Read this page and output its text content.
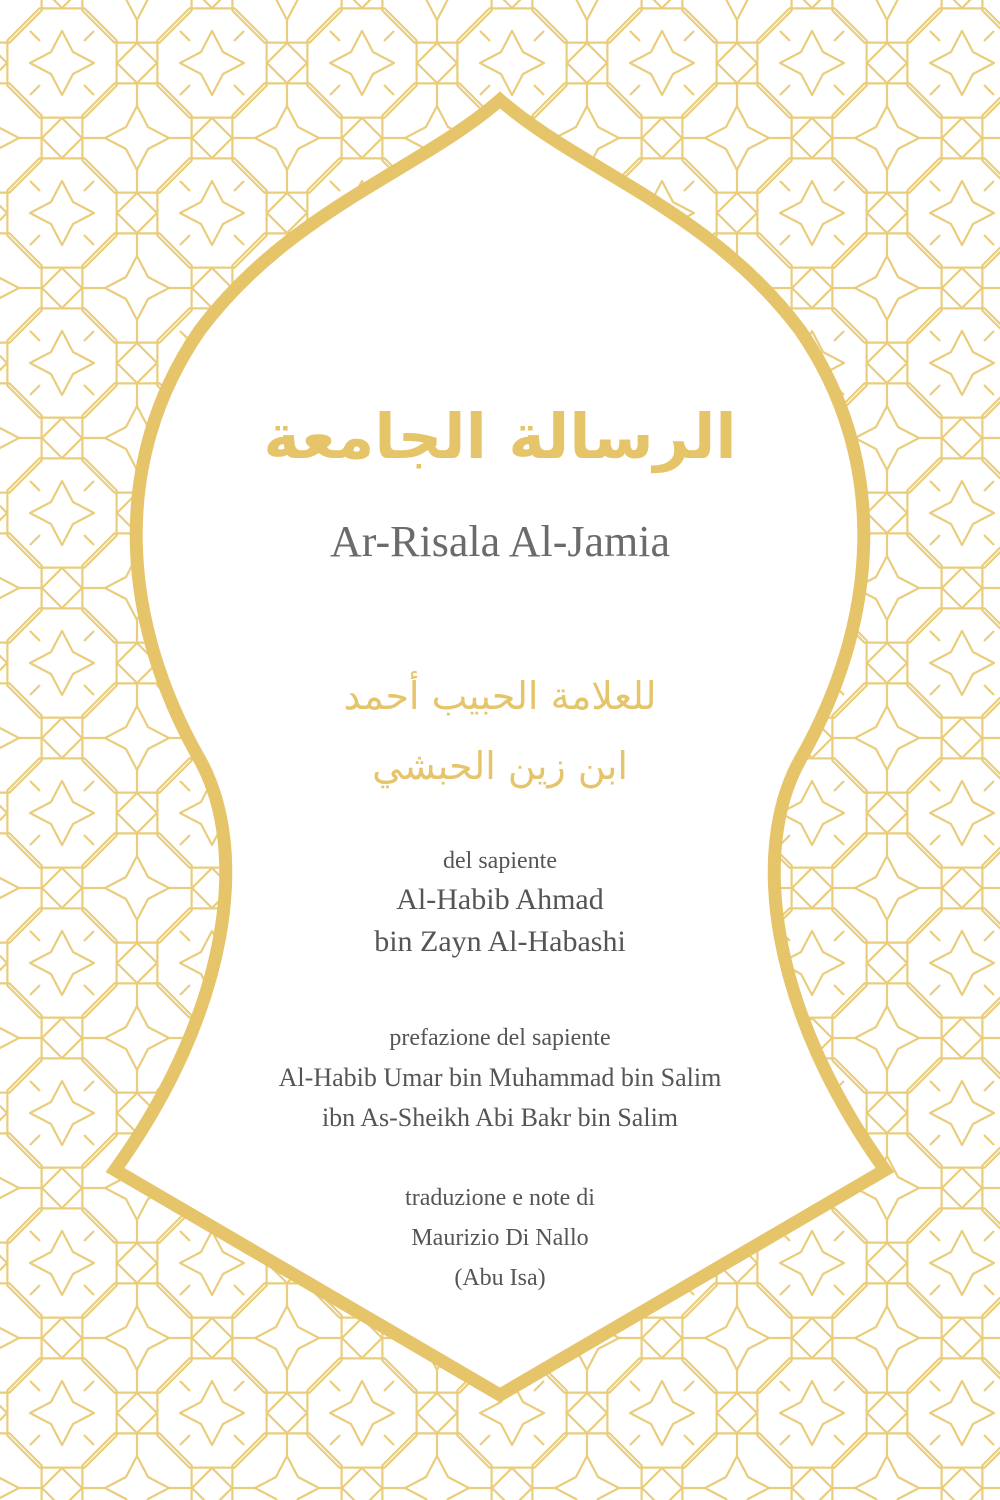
الرسالة الجامعة
Ar-Risala Al-Jamia
للعلامة الحبيب أحمد
ابن زين الحبشي
del sapiente
Al-Habib Ahmad
bin Zayn Al-Habashi
prefazione del sapiente
Al-Habib Umar bin Muhammad bin Salim
ibn As-Sheikh Abi Bakr bin Salim
traduzione e note di
Maurizio Di Nallo
(Abu Isa)
